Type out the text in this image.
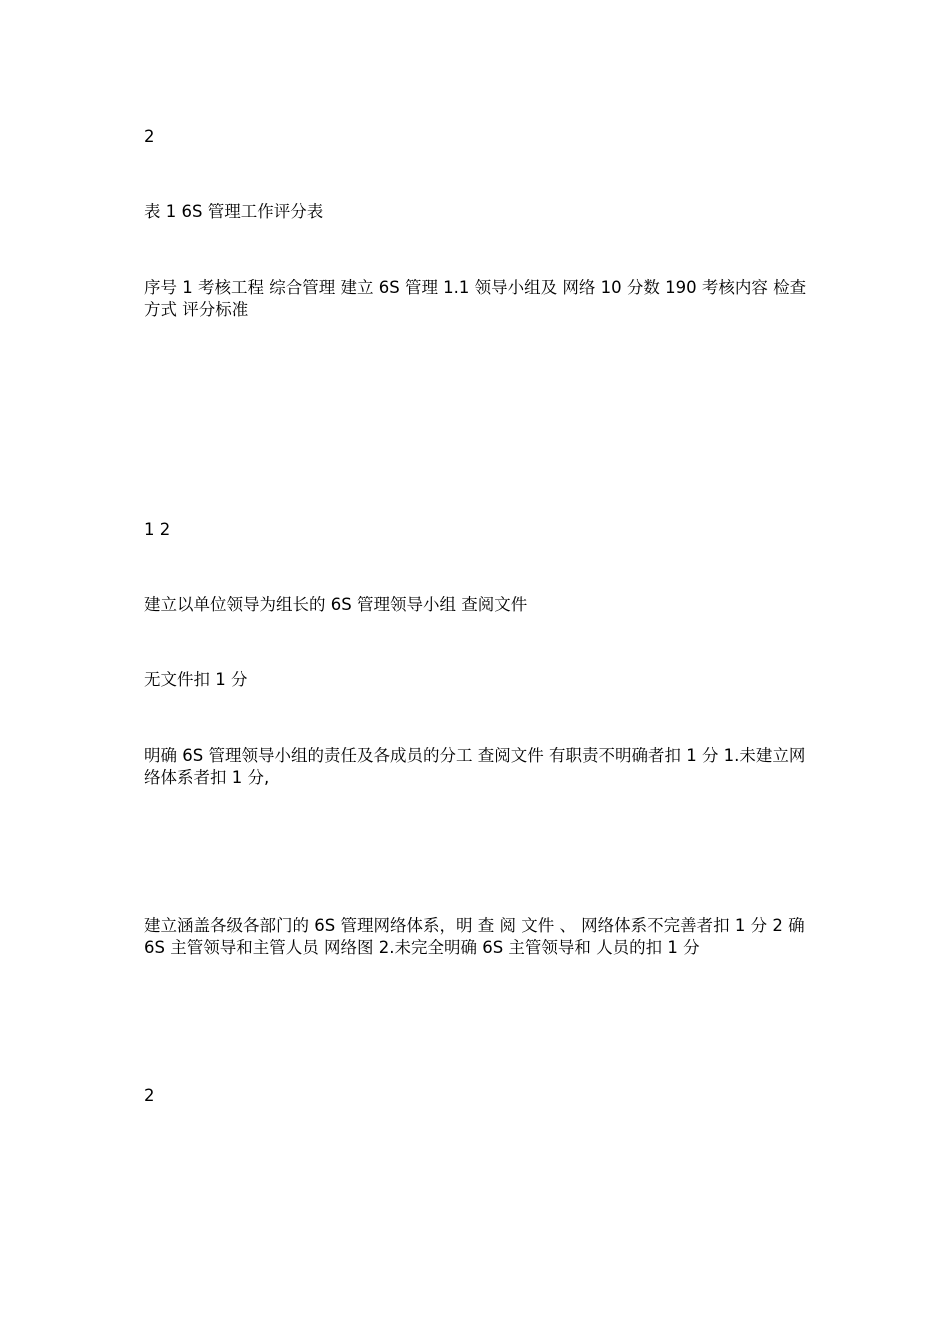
2

表 1 6S 管理工作评分表

序号 1 考核工程 综合管理 建立 6S 管理 1.1 领导小组及 网络 10 分数 190 考核内容 检查方式 评分标准

1 2

建立以单位领导为组长的 6S 管理领导小组 查阅文件

无文件扣 1 分

明确 6S 管理领导小组的责任及各成员的分工 查阅文件 有职责不明确者扣 1 分 1.未建立网络体系者扣 1 分,

建立涵盖各级各部门的 6S 管理网络体系，明 查 阅 文件 、 网络体系不完善者扣 1 分 2 确 6S 主管领导和主管人员 网络图 2.未完全明确 6S 主管领导和 人员的扣 1 分

2
